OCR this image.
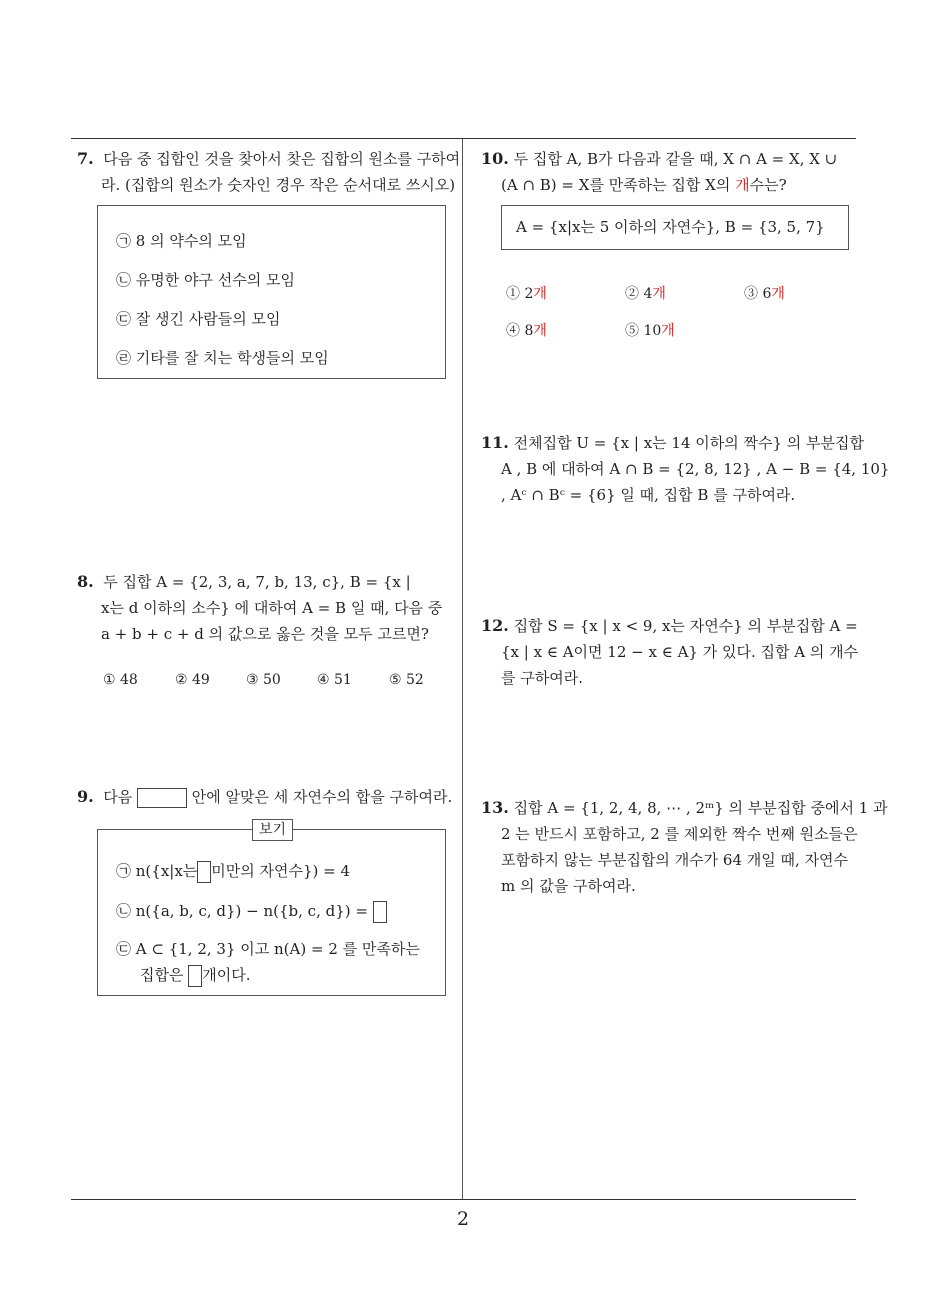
7. 다음 중 집합인 것을 찾아서 찾은 집합의 원소를 구하여
라. (집합의 원소가 숫자인 경우 작은 순서대로 쓰시오)
㉠ 8 의 약수의 모임
㉡ 유명한 야구 선수의 모임
㉢ 잘 생긴 사람들의 모임
㉣ 기타를 잘 치는 학생들의 모임
8. 두 집합 A = {2, 3, a, 7, b, 13, c}, B = {x |
x는 d 이하의 소수} 에 대하여 A = B 일 때, 다음 중
a + b + c + d 의 값으로 옳은 것을 모두 고르면?
① 48	② 49	③ 50	④ 51	⑤ 52
9. 다음	안에 알맞은 세 자연수의 합을 구하여라.
보기
㉠ n({x|x는 미만의 자연수}) = 4
㉡ n({a, b, c, d}) − n({b, c, d}) =
㉢ A ⊂ {1, 2, 3} 이고 n(A) = 2 를 만족하는
집합은 개이다.
10. 두 집합 A, B가 다음과 같을 때, X ∩ A = X, X ∪
(A ∩ B) = X를 만족하는 집합 X의 개수는?
A = {x|x는 5 이하의 자연수}, B = {3, 5, 7}
① 2개	② 4개	③ 6개
④ 8개	⑤ 10개
11. 전체집합 U = {x | x는 14 이하의 짝수} 의 부분집합
A , B 에 대하여 A ∩ B = {2, 8, 12} , A − B = {4, 10}
, Aᶜ ∩ Bᶜ = {6} 일 때, 집합 B 를 구하여라.
12. 집합 S = {x | x < 9, x는 자연수} 의 부분집합 A =
{x | x ∈ A이면 12 − x ∈ A} 가 있다. 집합 A 의 개수
를 구하여라.
13. 집합 A = {1, 2, 4, 8, ⋯ , 2ᵐ} 의 부분집합 중에서 1 과
2 는 반드시 포함하고, 2 를 제외한 짝수 번째 원소들은
포함하지 않는 부분집합의 개수가 64 개일 때, 자연수
m 의 값을 구하여라.
2
